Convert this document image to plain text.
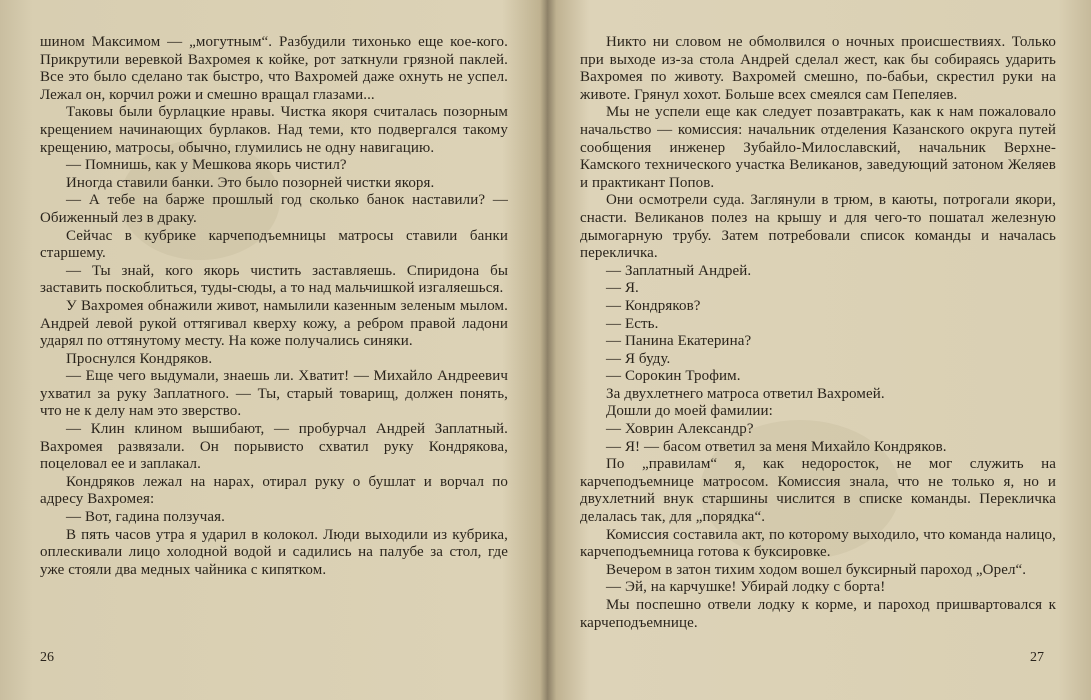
шином Максимом — „могутным“. Разбудили тихонько еще кое-кого. Прикрутили веревкой Вахромея к койке, рот заткнули грязной паклей. Все это было сделано так быстро, что Вахромей даже охнуть не успел. Лежал он, корчил рожи и смешно вращал глазами...

Таковы были бурлацкие нравы. Чистка якоря считалась позорным крещением начинающих бурлаков. Над теми, кто подвергался такому крещению, матросы, обычно, глумились не одну навигацию.

— Помнишь, как у Мешкова якорь чистил?

Иногда ставили банки. Это было позорней чистки якоря.

— А тебе на барже прошлый год сколько банок наставили? — Обиженный лез в драку.

Сейчас в кубрике карчеподъемницы матросы ставили банки старшему.

— Ты знай, кого якорь чистить заставляешь. Спиридона бы заставить поскоблиться, туды-сюды, а то над мальчишкой изгаляешься.

У Вахромея обнажили живот, намылили казенным зеленым мылом. Андрей левой рукой оттягивал кверху кожу, а ребром правой ладони ударял по оттянутому месту. На коже получались синяки.

Проснулся Кондряков.

— Еще чего выдумали, знаешь ли. Хватит! — Михайло Андреевич ухватил за руку Заплатного. — Ты, старый товарищ, должен понять, что не к делу нам это зверство.

— Клин клином вышибают, — пробурчал Андрей Заплатный. Вахромея развязали. Он порывисто схватил руку Кондрякова, поцеловал ее и заплакал.

Кондряков лежал на нарах, отирал руку о бушлат и ворчал по адресу Вахромея:

— Вот, гадина ползучая.

В пять часов утра я ударил в колокол. Люди выходили из кубрика, оплескивали лицо холодной водой и садились на палубе за стол, где уже стояли два медных чайника с кипятком.

Никто ни словом не обмолвился о ночных происшествиях. Только при выходе из-за стола Андрей сделал жест, как бы собираясь ударить Вахромея по животу. Вахромей смешно, по-бабьи, скрестил руки на животе. Грянул хохот. Больше всех смеялся сам Пепеляев.

Мы не успели еще как следует позавтракать, как к нам пожаловало начальство — комиссия: начальник отделения Казанского округа путей сообщения инженер Зубайло-Милославский, начальник Верхне-Камского технического участка Великанов, заведующий затоном Желяев и практикант Попов.

Они осмотрели суда. Заглянули в трюм, в каюты, потрогали якори, снасти. Великанов полез на крышу и для чего-то пошатал железную дымогарную трубу. Затем потребовали список команды и началась перекличка.

— Заплатный Андрей.

— Я.

— Кондряков?

— Есть.

— Панина Екатерина?

— Я буду.

— Сорокин Трофим.

За двухлетнего матроса ответил Вахромей.

Дошли до моей фамилии:

— Ховрин Александр?

— Я! — басом ответил за меня Михайло Кондряков.

По „правилам“ я, как недоросток, не мог служить на карчеподъемнице матросом. Комиссия знала, что не только я, но и двухлетний внук старшины числится в списке команды. Перекличка делалась так, для „порядка“.

Комиссия составила акт, по которому выходило, что команда налицо, карчеподъемница готова к буксировке.

Вечером в затон тихим ходом вошел буксирный пароход „Орел“.

— Эй, на карчушке! Убирай лодку с борта!

Мы поспешно отвели лодку к корме, и пароход пришвартовался к карчеподъемнице.

26	27
